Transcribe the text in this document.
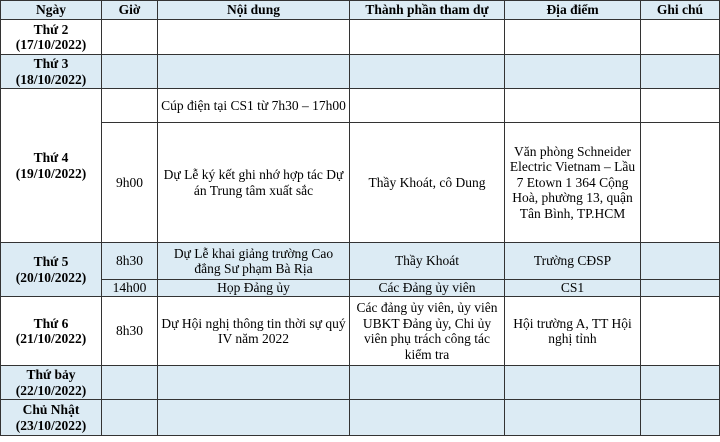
Ngày	Giờ	Nội dung	Thành phần tham dự	Địa điểm	Ghi chú
Thứ 2
(17/10/2022)					

Thứ 3
(18/10/2022)					

Thứ 4
(19/10/2022)		Cúp điện tại CS1 từ 7h30 – 17h00			
	9h00	Dự Lễ ký kết ghi nhớ hợp tác Dự án Trung tâm xuất sắc	Thầy Khoát, cô Dung	Văn phòng Schneider Electric Vietnam – Lầu 7 Etown 1 364 Cộng Hoà, phường 13, quận Tân Bình, TP.HCM	
Thứ 5
(20/10/2022)	8h30	Dự Lễ khai giảng trường Cao đẳng Sư phạm Bà Rịa	Thầy Khoát	Trường CĐSP	
	14h00	Họp Đảng ủy	Các Đảng ủy viên	CS1	
Thứ 6
(21/10/2022)	8h30	Dự Hội nghị thông tin thời sự quý IV năm 2022	Các đảng ủy viên, ủy viên UBKT Đảng ủy, Chi ủy viên phụ trách công tác kiểm tra	Hội trường A, TT Hội nghị tỉnh	
Thứ bảy
(22/10/2022)					

Chủ Nhật
(23/10/2022)					
